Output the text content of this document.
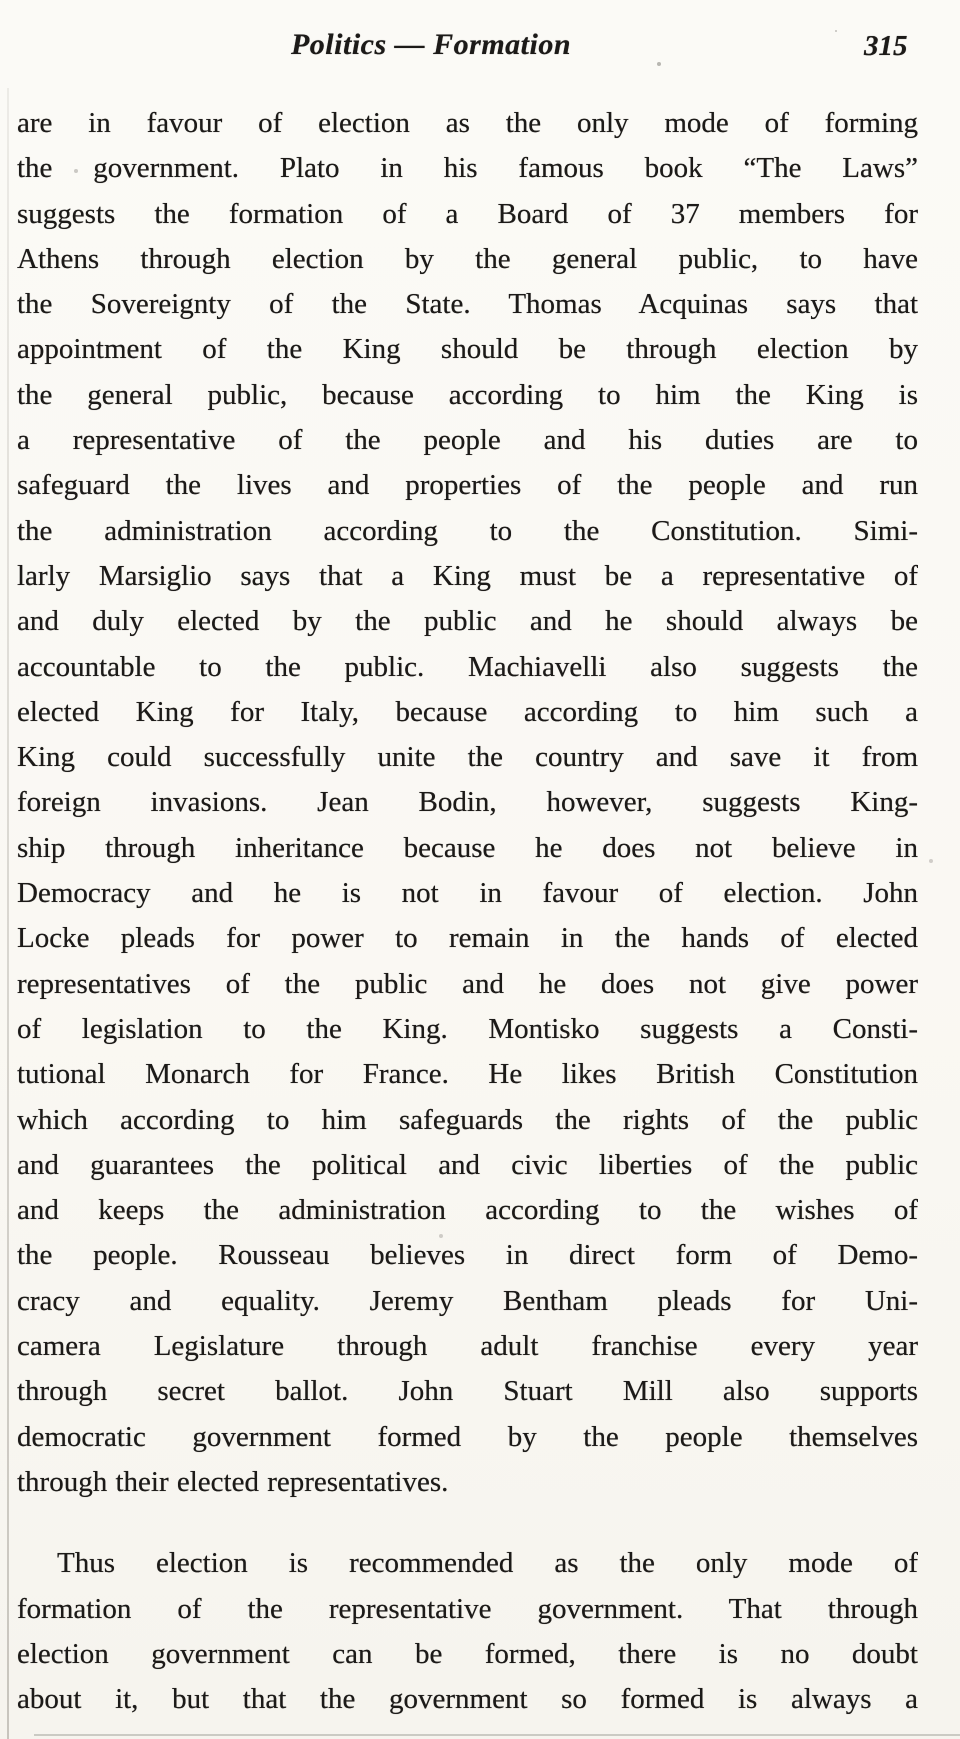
Politics — Formation	315
are in favour of election as the only mode of forming
the government. Plato in his famous book “The Laws”
suggests the formation of a Board of 37 members for
Athens through election by the general public, to have
the Sovereignty of the State. Thomas Acquinas says that
appointment of the King should be through election by
the general public, because according to him the King is
a representative of the people and his duties are to
safeguard the lives and properties of the people and run
the administration according to the Constitution. Simi-
larly Marsiglio says that a King must be a representative of
and duly elected by the public and he should always be
accountable to the public. Machiavelli also suggests the
elected King for Italy, because according to him such a
King could successfully unite the country and save it from
foreign invasions. Jean Bodin, however, suggests King-
ship through inheritance because he does not believe in
Democracy and he is not in favour of election. John
Locke pleads for power to remain in the hands of elected
representatives of the public and he does not give power
of legislation to the King. Montisko suggests a Consti-
tutional Monarch for France. He likes British Constitution
which according to him safeguards the rights of the public
and guarantees the political and civic liberties of the public
and keeps the administration according to the wishes of
the people. Rousseau believes in direct form of Demo-
cracy and equality. Jeremy Bentham pleads for Uni-
camera Legislature through adult franchise every year
through secret ballot. John Stuart Mill also supports
democratic government formed by the people themselves
through their elected representatives.
Thus election is recommended as the only mode of
formation of the representative government. That through
election government can be formed, there is no doubt
about it, but that the government so formed is always a
